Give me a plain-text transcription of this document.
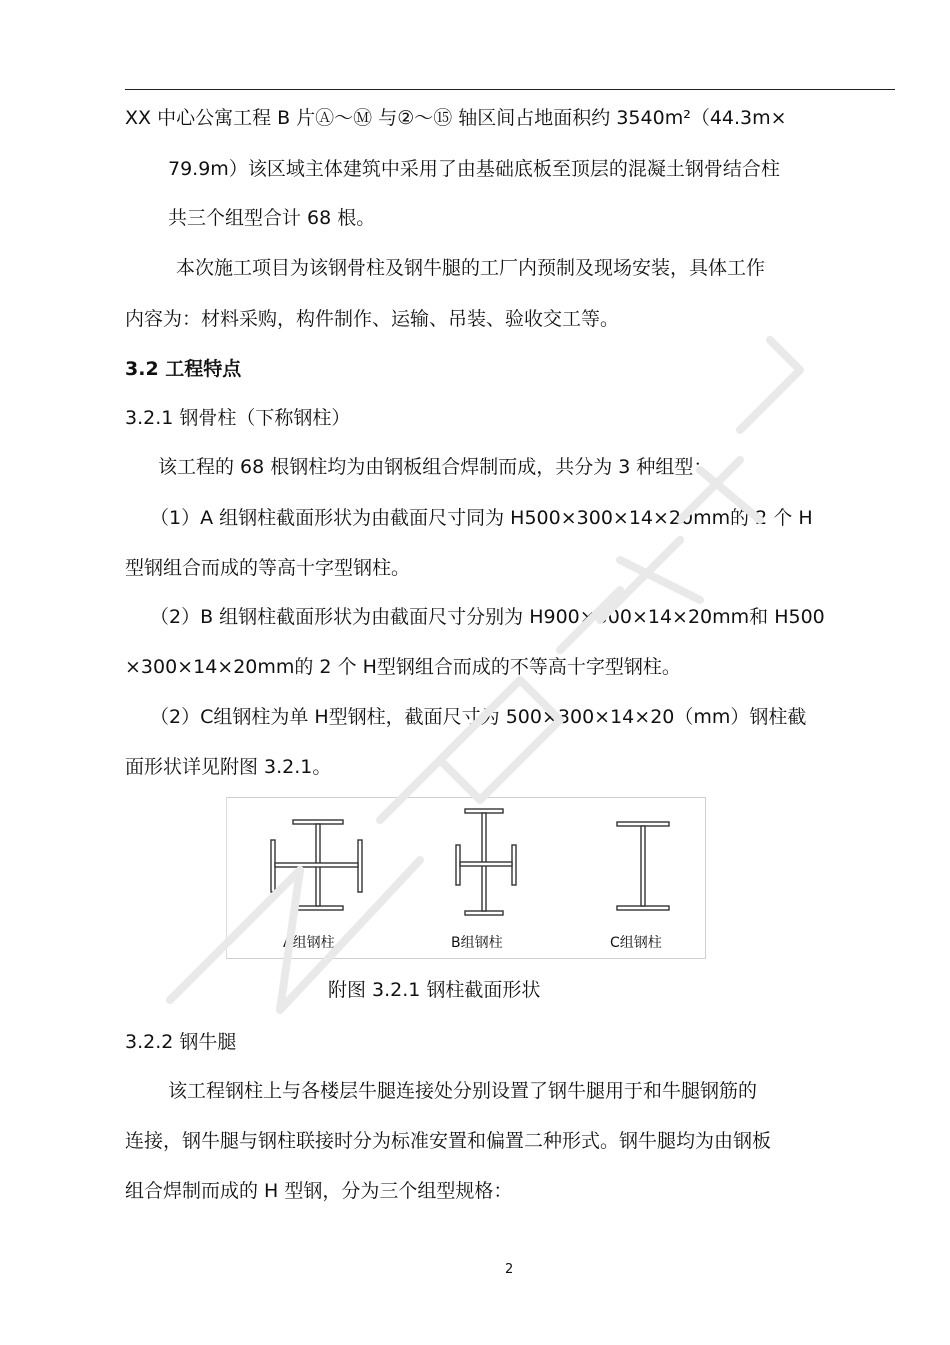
XX 中心公寓工程 B 片Ⓐ～Ⓜ 与②～⑮ 轴区间占地面积约 3540m²（44.3m×
79.9m）该区域主体建筑中采用了由基础底板至顶层的混凝土钢骨结合柱
共三个组型合计 68 根。
本次施工项目为该钢骨柱及钢牛腿的工厂内预制及现场安装，具体工作
内容为：材料采购，构件制作、运输、吊装、验收交工等。
3.2 工程特点
3.2.1 钢骨柱（下称钢柱）
该工程的 68 根钢柱均为由钢板组合焊制而成，共分为 3 种组型：
（1）A 组钢柱截面形状为由截面尺寸同为 H500×300×14×20mm的 2 个 H
型钢组合而成的等高十字型钢柱。
（2）B 组钢柱截面形状为由截面尺寸分别为 H900×300×14×20mm和 H500
×300×14×20mm的 2 个 H型钢组合而成的不等高十字型钢柱。
（2）C组钢柱为单 H型钢柱，截面尺寸为 500×300×14×20（mm）钢柱截
面形状详见附图 3.2.1。
A组钢柱	B组钢柱	C组钢柱
附图 3.2.1 钢柱截面形状
3.2.2 钢牛腿
该工程钢柱上与各楼层牛腿连接处分别设置了钢牛腿用于和牛腿钢筋的
连接，钢牛腿与钢柱联接时分为标准安置和偏置二种形式。钢牛腿均为由钢板
组合焊制而成的 H 型钢，分为三个组型规格：
2
